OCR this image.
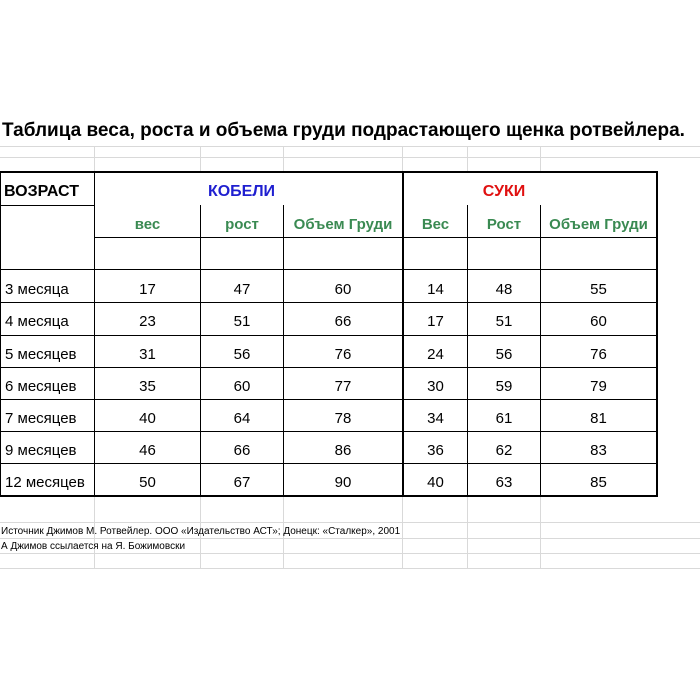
Таблица веса, роста и объема груди подрастающего щенка ротвейлера.
ВОЗРАСТ	КОБЕЛИ	СУКИ
вес	рост	Объем Груди	Вес	Рост	Объем Груди
3 месяца	17	47	60	14	48	55
4 месяца	23	51	66	17	51	60
5 месяцев	31	56	76	24	56	76
6 месяцев	35	60	77	30	59	79
7 месяцев	40	64	78	34	61	81
9 месяцев	46	66	86	36	62	83
12 месяцев	50	67	90	40	63	85
Источник Джимов М. Ротвейлер. ООО «Издательство АСТ»; Донецк: «Сталкер», 2001
А Джимов ссылается на Я. Божимовски
